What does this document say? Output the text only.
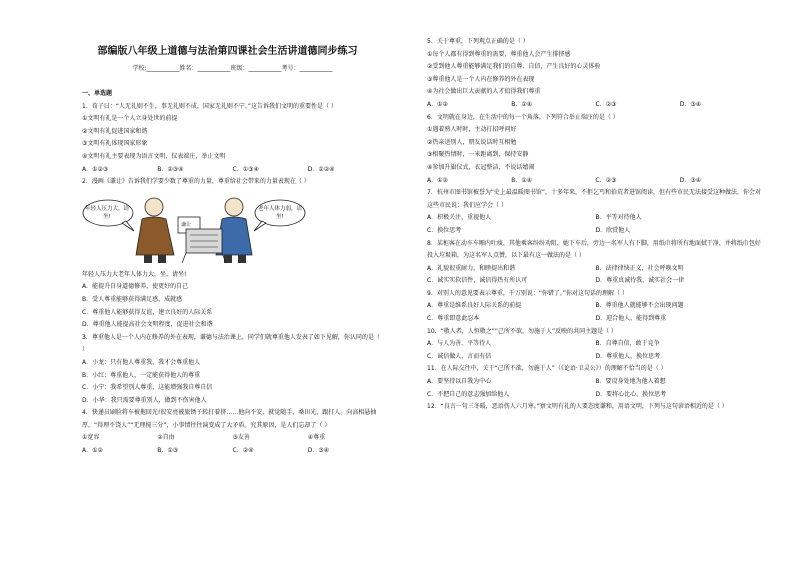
部编版八年级上道德与法治第四课社会生活讲道德同步练习
学校:___________姓名：___________班级：___________考号：___________
一、单选题
1．荀子曰：“人无礼则不生，事无礼则不成，国家无礼则不宁。”这告诉我们文明的重要性是（ ）
①文明有礼是一个人立身处世的前提
②文明有礼促进国家和谐
③文明有礼体现国家形象
④文明有礼主要表现为语言文明，仪表端庄，举止文明
A．①②③	B．②③④	C．①③④	D．①②④
2．漫画《谦让》告诉我们学要少数了尊重的力量，尊重给社会带来的力量表现在（ ）
年轻人压力大，请坐!
老年人体力弱，请坐!
谦让
年轻人压力大老年人体力大，坐，请坐!
A．能提升自身道德修养，使更好的自己
B．受人尊重能够获得满足感、成就感
C．尊重他人能够获得友谊，建立良好的人际关系
D．尊重他人能提高社会文明程度，促进社会和谐
3．尊重他人是一个人内在修养的外在表现，谦德与法治课上，同学们就尊重他人发表了如下见解，你认同的是（ ）
A．小龙：只有他人尊重我，我才会尊重他人
B．小红：尊重他人，一定能获得他人的尊重
C．小宁：我希望别人尊重，这能增强我自尊自信
D．小华：我只需要尊重别人，做到不伤害他人
4．快递员刷脸将车被拖回光!很安亮被旅锈子转打着挤……他向不安，就觉随手，桑田光，跟打人。向高相悬抽厚，“得理不饶人”“无理搅三分”，小事情往往演变成了大矛盾。究其原因，是人们忘却了（ ）
①宽容	②自由	③友善	④尊重
A．①②	B．①③	C．②④	D．③④
5．关于尊重，下列观点正确的是（ ）
①每个人都有得到尊重的需要，尊重他人会产生排挤感
②受到他人尊重能够满足我们的自尊、自信，产生良好的心灵体验
③尊重他人是一个人内在修养的外在表现
④为社会做出巨大贡献的人才值得我们尊重
A．①②	B．①④	C．②③	D．③④
6．文明就在身边，在生活中的每一个角落。下列符合举止端庄的是（ ）
①遇着熟人时时，主动打招呼问好
②热亲送别人，朋友说话时互相勉
③相聚热情时，一米距离到，保持安静
④参加升旗仪式，衣冠整洁，不说话嬉闹
A．①②	B．①④	C．②③	D．③④
7．杭州市图书馆被誉为“史上最温暖图书馆”，十多年来，不拒乞丐和拾荒者进馆阅读，但有些市民无法接受这种做法，你会对这些市民说：我们应学会（ ）
A．积极关注，重视他人	B．平等对待他人
C．换位思考	D．欣赏他人
8．某柜客在动车车厢内吐痰，其他乘客纷纷劝阻，她下车后，旁边一名军人有下脚，用纸巾将所有地面拭干净，并将纸巾包好投入垃圾箱，为这名军人点赞，以下最有这一做法的是（ ）
A．礼貌很重耐力，和睦提出和谐	B．法律律快正义，社会呼唤文明
C．诚实实软信件，诚信得热有所认可	D．尊重真诚待我，诚实社会一律
9．对别人的意见要表示尊重，千万别说：“你错了。”你对这句话的理解（ ）
A．尊重是维系良好人际关系的前提	B．尊重他人就能够不会出现问题
C．尊重即意此忍本	D．迎合他人，能得到尊重
10．“敬人者，人恒敬之”“己所不欲，勿施于人”反映的共同主题是（ ）
A．与人为善，平等待人	B．自尊自信，敢于竞争
C．诚信做人，言而有信	D．尊重他人，换位思考
11．在人际交往中，关于“己所不欲，勿施于人”（《论语·卫灵公》）的理解不恰当的是（ ）
A．要坚持以自我为中心	B．要设身处地为他人着想
C．不把自己的意志强加给他人	D．要将心比心，换位思考
12．“良言一句三冬暖，恶语伤人六月寒。”察文明有礼的人要态度谦和，用语文明，下列与这句谚语相近的是（ ）
